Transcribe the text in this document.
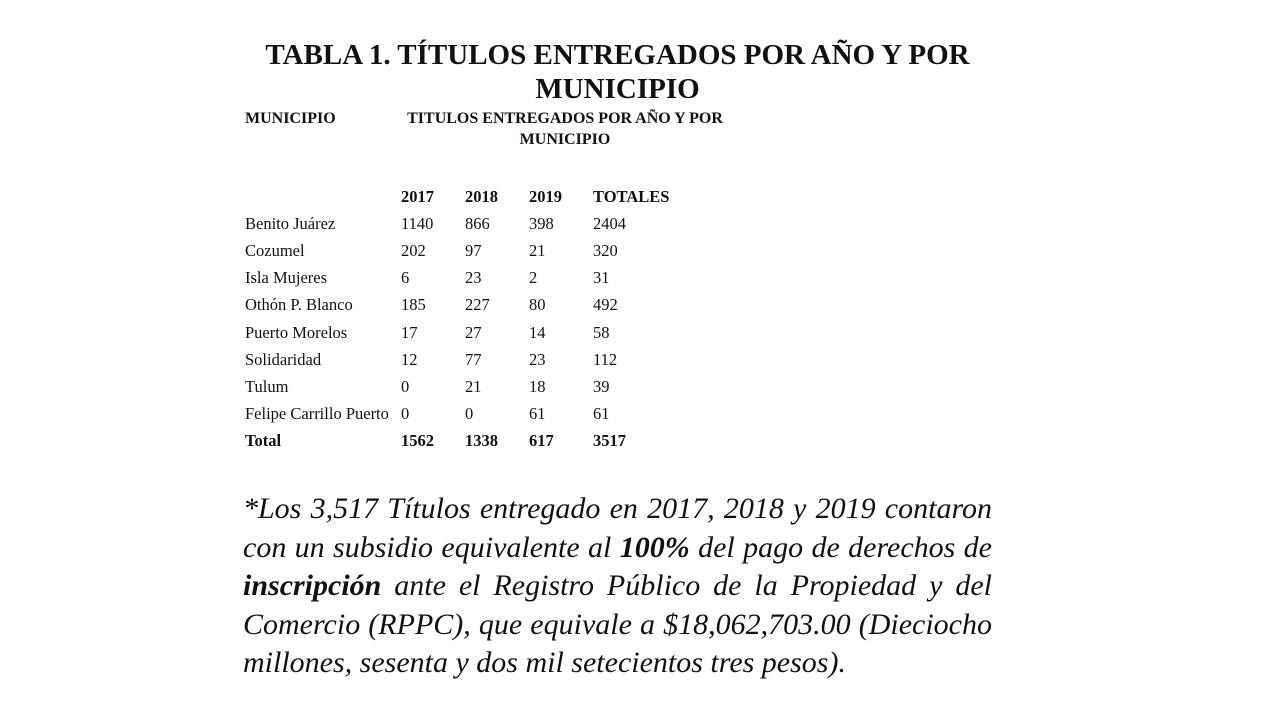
TABLA 1. TÍTULOS ENTREGADOS POR AÑO Y POR MUNICIPIO
MUNICIPIO	TITULOS ENTREGADOS POR AÑO Y POR MUNICIPIO
	2017	2018	2019	TOTALES
Benito Juárez	1140	866	398	2404
Cozumel	202	97	21	320
Isla Mujeres	6	23	2	31
Othón P. Blanco	185	227	80	492
Puerto Morelos	17	27	14	58
Solidaridad	12	77	23	112
Tulum	0	21	18	39
Felipe Carrillo Puerto	0	0	61	61
Total	1562	1338	617	3517

*Los 3,517 Títulos entregado en 2017, 2018 y 2019 contaron con un subsidio equivalente al 100% del pago de derechos de inscripción ante el Registro Público de la Propiedad y del Comercio (RPPC), que equivale a $18,062,703.00 (Dieciocho millones, sesenta y dos mil setecientos tres pesos).
